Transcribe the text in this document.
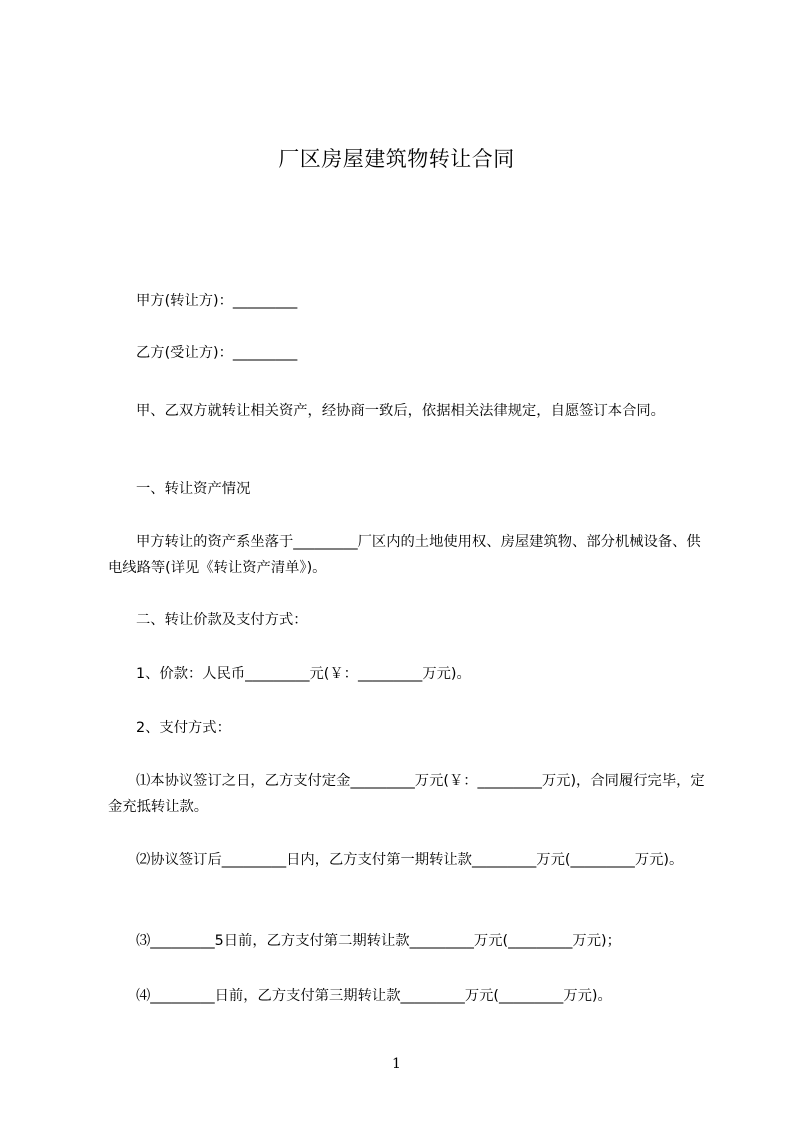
厂区房屋建筑物转让合同

甲方(转让方)：_________

乙方(受让方)：_________

甲、乙双方就转让相关资产，经协商一致后，依据相关法律规定，自愿签订本合同。

一、转让资产情况

甲方转让的资产系坐落于_________厂区内的土地使用权、房屋建筑物、部分机械设备、供电线路等(详见《转让资产清单》)。

二、转让价款及支付方式：

1、价款：人民币_________元(￥：_________万元)。

2、支付方式：

⑴本协议签订之日，乙方支付定金_________万元(￥：_________万元)，合同履行完毕，定金充抵转让款。

⑵协议签订后_________日内，乙方支付第一期转让款_________万元(_________万元)。

⑶_________5日前，乙方支付第二期转让款_________万元(_________万元)；

⑷_________日前，乙方支付第三期转让款_________万元(_________万元)。

1
